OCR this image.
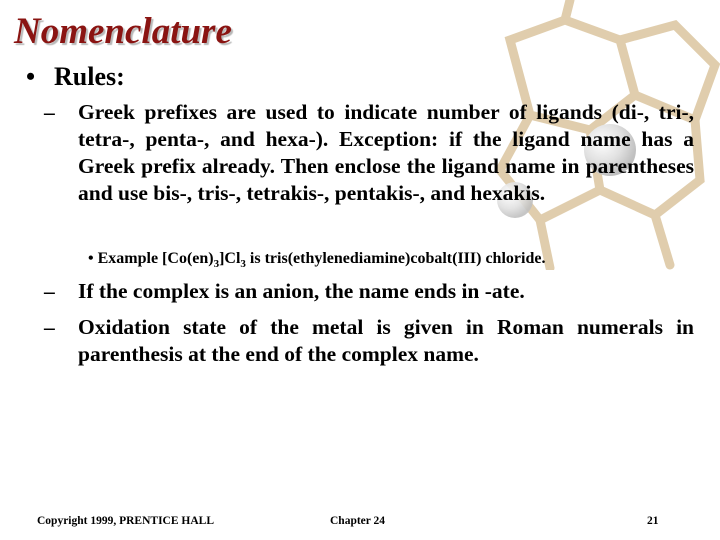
Nomenclature
• Rules:
– Greek prefixes are used to indicate number of ligands (di-, tri-, tetra-, penta-, and hexa-). Exception: if the ligand name has a Greek prefix already. Then enclose the ligand name in parentheses and use bis-, tris-, tetrakis-, pentakis-, and hexakis.
• Example $[Co(en)_3]Cl_3$ is tris(ethylenediamine)cobalt(III) chloride.
– If the complex is an anion, the name ends in -ate.
– Oxidation state of the metal is given in Roman numerals in parenthesis at the end of the complex name.
Copyright 1999, PRENTICE HALL	Chapter 24	21
